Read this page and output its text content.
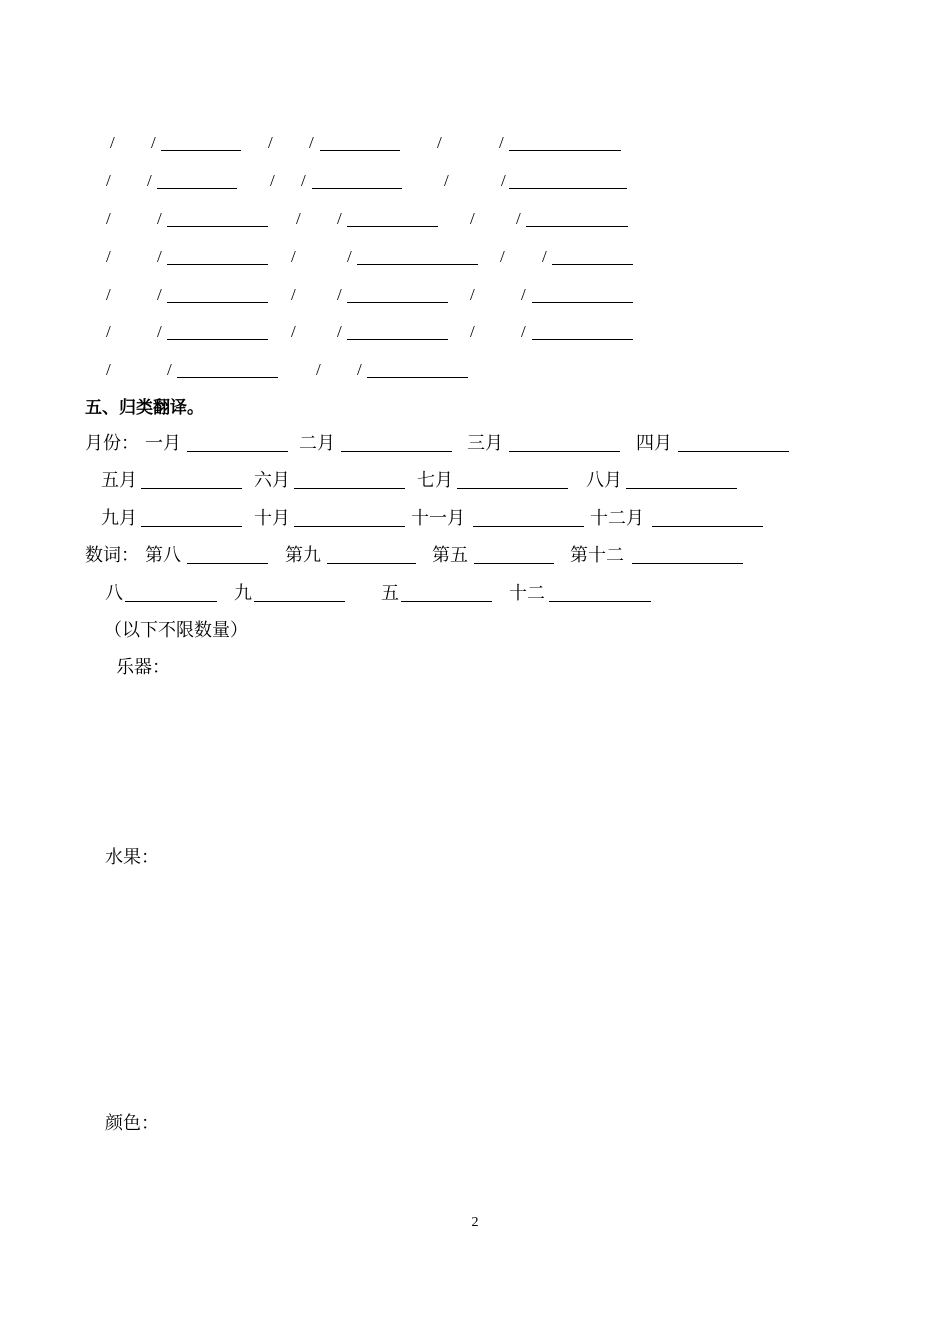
/ /	/ /	/	/
/ /	/ /	/	/
/	/	/ /	/ /
/	/	/	/	/ /
/	/	/ /	/	/
/	/	/ /	/	/
/	/	/ /
五、归类翻译。
月份： 一月	二月	三月	四月
五月	六月	七月	八月
九月	十月	十一月	十二月
数词： 第八	第九	第五	第十二
八	九	五	十二
（以下不限数量）
乐器：
水果：
颜色：
2
